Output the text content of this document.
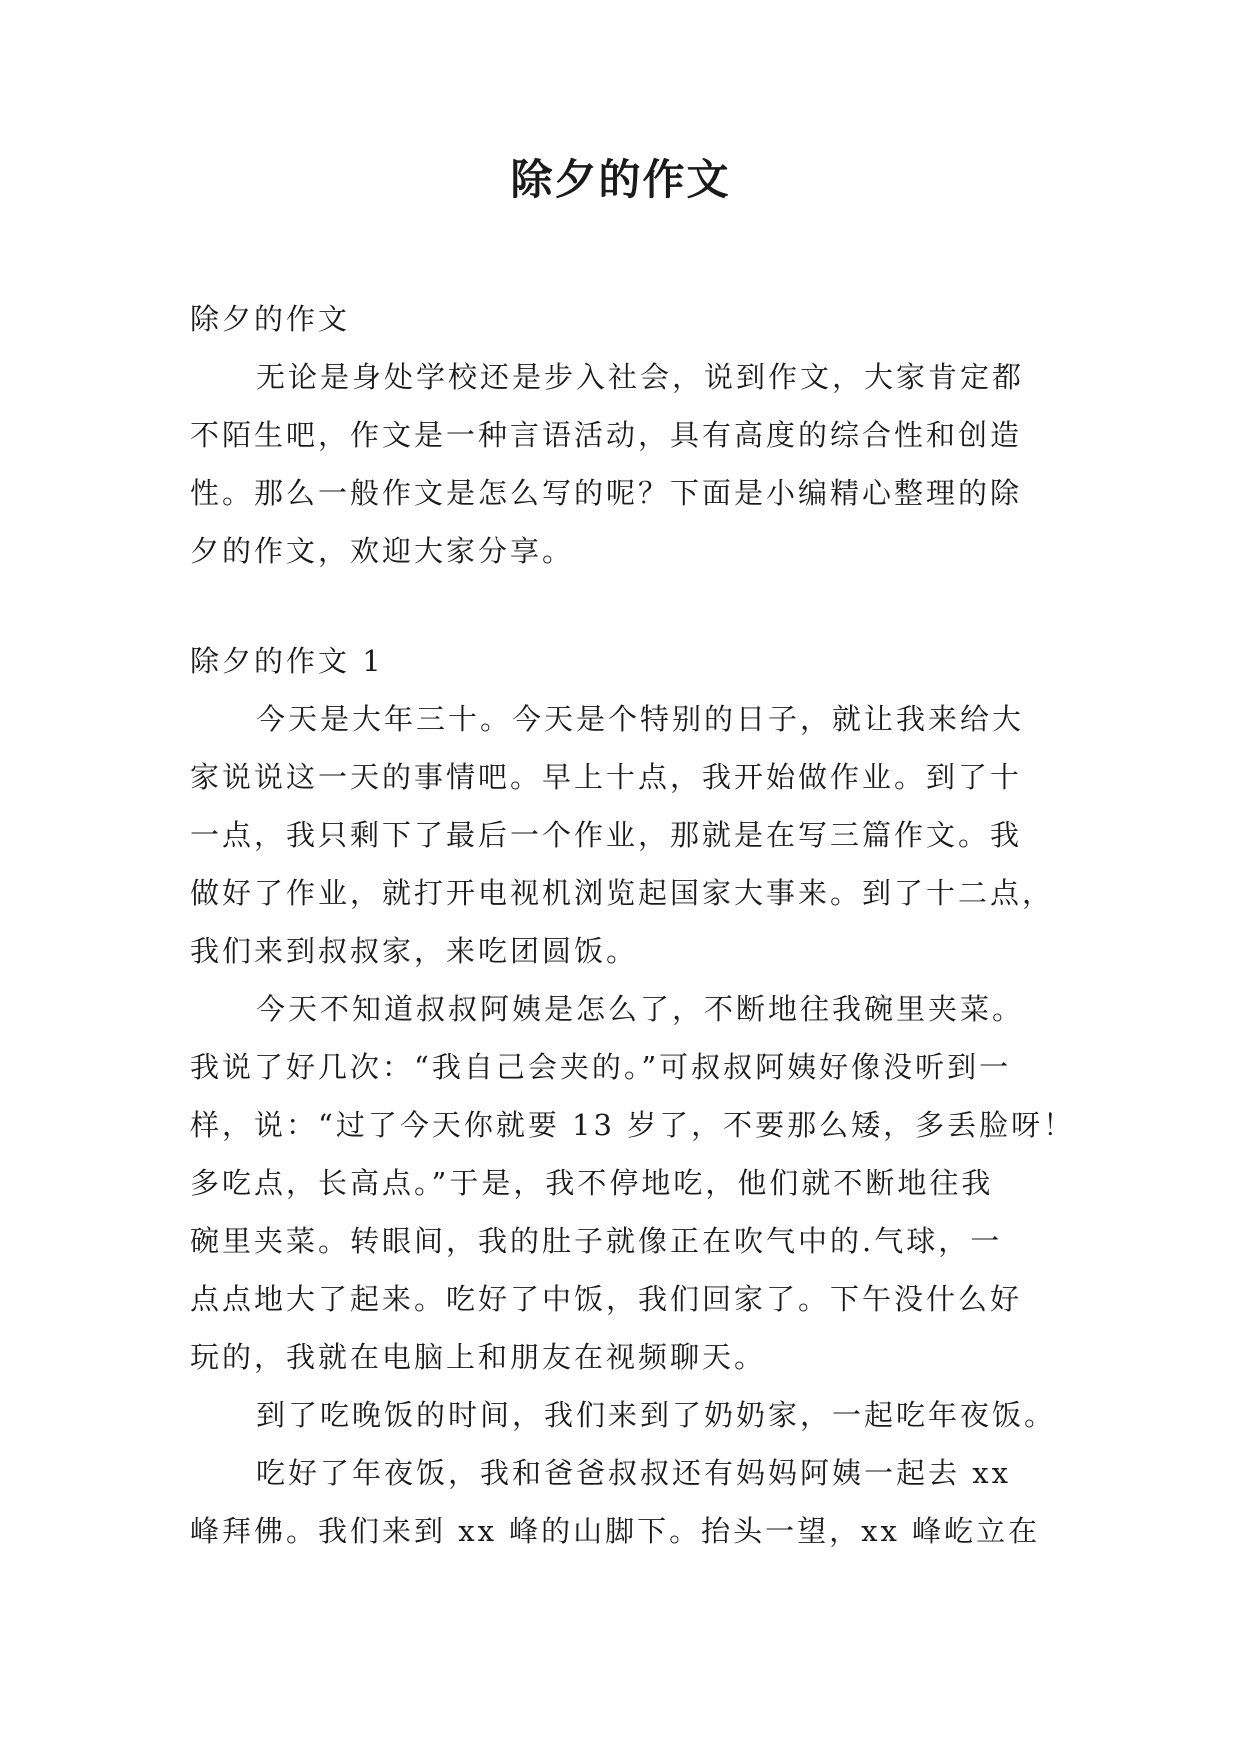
除夕的作文
除夕的作文
无论是身处学校还是步入社会，说到作文，大家肯定都
不陌生吧，作文是一种言语活动，具有高度的综合性和创造
性。那么一般作文是怎么写的呢？下面是小编精心整理的除
夕的作文，欢迎大家分享。
除夕的作文 1
今天是大年三十。今天是个特别的日子，就让我来给大
家说说这一天的事情吧。早上十点，我开始做作业。到了十
一点，我只剩下了最后一个作业，那就是在写三篇作文。我
做好了作业，就打开电视机浏览起国家大事来。到了十二点，
我们来到叔叔家，来吃团圆饭。
今天不知道叔叔阿姨是怎么了，不断地往我碗里夹菜。
我说了好几次：“我自己会夹的。”可叔叔阿姨好像没听到一
样，说：“过了今天你就要 13 岁了，不要那么矮，多丢脸呀！
多吃点，长高点。”于是，我不停地吃，他们就不断地往我
碗里夹菜。转眼间，我的肚子就像正在吹气中的.气球，一
点点地大了起来。吃好了中饭，我们回家了。下午没什么好
玩的，我就在电脑上和朋友在视频聊天。
到了吃晚饭的时间，我们来到了奶奶家，一起吃年夜饭。
吃好了年夜饭，我和爸爸叔叔还有妈妈阿姨一起去 xx
峰拜佛。我们来到 xx 峰的山脚下。抬头一望，xx 峰屹立在
